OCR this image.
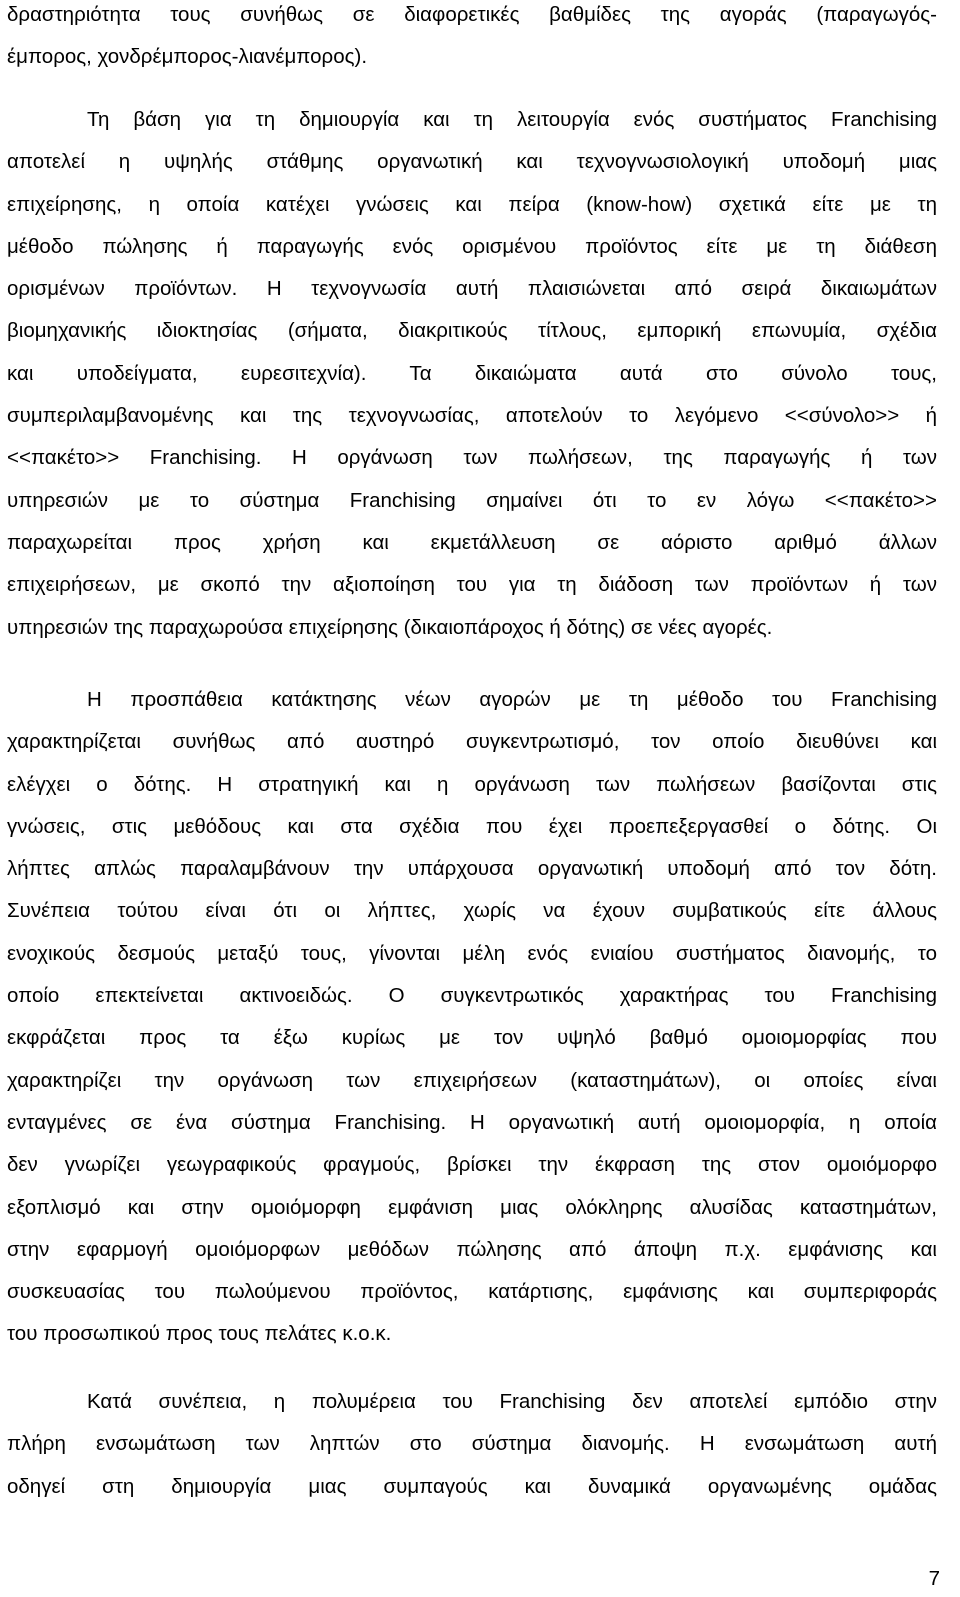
δραστηριότητα τους συνήθως σε διαφορετικές βαθμίδες της αγοράς (παραγωγός-
έμπορος, χονδρέμπορος-λιανέμπορος).
Τη βάση για τη δημιουργία και τη λειτουργία ενός συστήματος Franchising
αποτελεί η υψηλής στάθμης οργανωτική και τεχνογνωσιολογική υποδομή μιας
επιχείρησης, η οποία κατέχει γνώσεις και πείρα (know-how) σχετικά είτε με τη
μέθοδο πώλησης ή παραγωγής ενός ορισμένου προϊόντος είτε με τη διάθεση
ορισμένων προϊόντων. Η τεχνογνωσία αυτή πλαισιώνεται από σειρά δικαιωμάτων
βιομηχανικής ιδιοκτησίας (σήματα, διακριτικούς τίτλους, εμπορική επωνυμία, σχέδια
και υποδείγματα, ευρεσιτεχνία). Τα δικαιώματα αυτά στο σύνολο τους,
συμπεριλαμβανομένης και της τεχνογνωσίας, αποτελούν το λεγόμενο <<σύνολο>> ή
<<πακέτο>> Franchising. Η οργάνωση των πωλήσεων, της παραγωγής ή των
υπηρεσιών με το σύστημα Franchising σημαίνει ότι το εν λόγω <<πακέτο>>
παραχωρείται προς χρήση και εκμετάλλευση σε αόριστο αριθμό άλλων
επιχειρήσεων, με σκοπό την αξιοποίηση του για τη διάδοση των προϊόντων ή των
υπηρεσιών της παραχωρούσα επιχείρησης (δικαιοπάροχος ή δότης) σε νέες αγορές.
Η προσπάθεια κατάκτησης νέων αγορών με τη μέθοδο του Franchising
χαρακτηρίζεται συνήθως από αυστηρό συγκεντρωτισμό, τον οποίο διευθύνει και
ελέγχει ο δότης. Η στρατηγική και η οργάνωση των πωλήσεων βασίζονται στις
γνώσεις, στις μεθόδους και στα σχέδια που έχει προεπεξεργασθεί ο δότης. Οι
λήπτες απλώς παραλαμβάνουν την υπάρχουσα οργανωτική υποδομή από τον δότη.
Συνέπεια τούτου είναι ότι οι λήπτες, χωρίς να έχουν συμβατικούς είτε άλλους
ενοχικούς δεσμούς μεταξύ τους, γίνονται μέλη ενός ενιαίου συστήματος διανομής, το
οποίο επεκτείνεται ακτινοειδώς. Ο συγκεντρωτικός χαρακτήρας του Franchising
εκφράζεται προς τα έξω κυρίως με τον υψηλό βαθμό ομοιομορφίας που
χαρακτηρίζει την οργάνωση των επιχειρήσεων (καταστημάτων), οι οποίες είναι
ενταγμένες σε ένα σύστημα Franchising. Η οργανωτική αυτή ομοιομορφία, η οποία
δεν γνωρίζει γεωγραφικούς φραγμούς, βρίσκει την έκφραση της στον ομοιόμορφο
εξοπλισμό και στην ομοιόμορφη εμφάνιση μιας ολόκληρης αλυσίδας καταστημάτων,
στην εφαρμογή ομοιόμορφων μεθόδων πώλησης από άποψη π.χ. εμφάνισης και
συσκευασίας του πωλούμενου προϊόντος, κατάρτισης, εμφάνισης και συμπεριφοράς
του προσωπικού προς τους πελάτες κ.ο.κ.
Κατά συνέπεια, η πολυμέρεια του Franchising δεν αποτελεί εμπόδιο στην
πλήρη ενσωμάτωση των ληπτών στο σύστημα διανομής. Η ενσωμάτωση αυτή
οδηγεί στη δημιουργία μιας συμπαγούς και δυναμικά οργανωμένης ομάδας
7
